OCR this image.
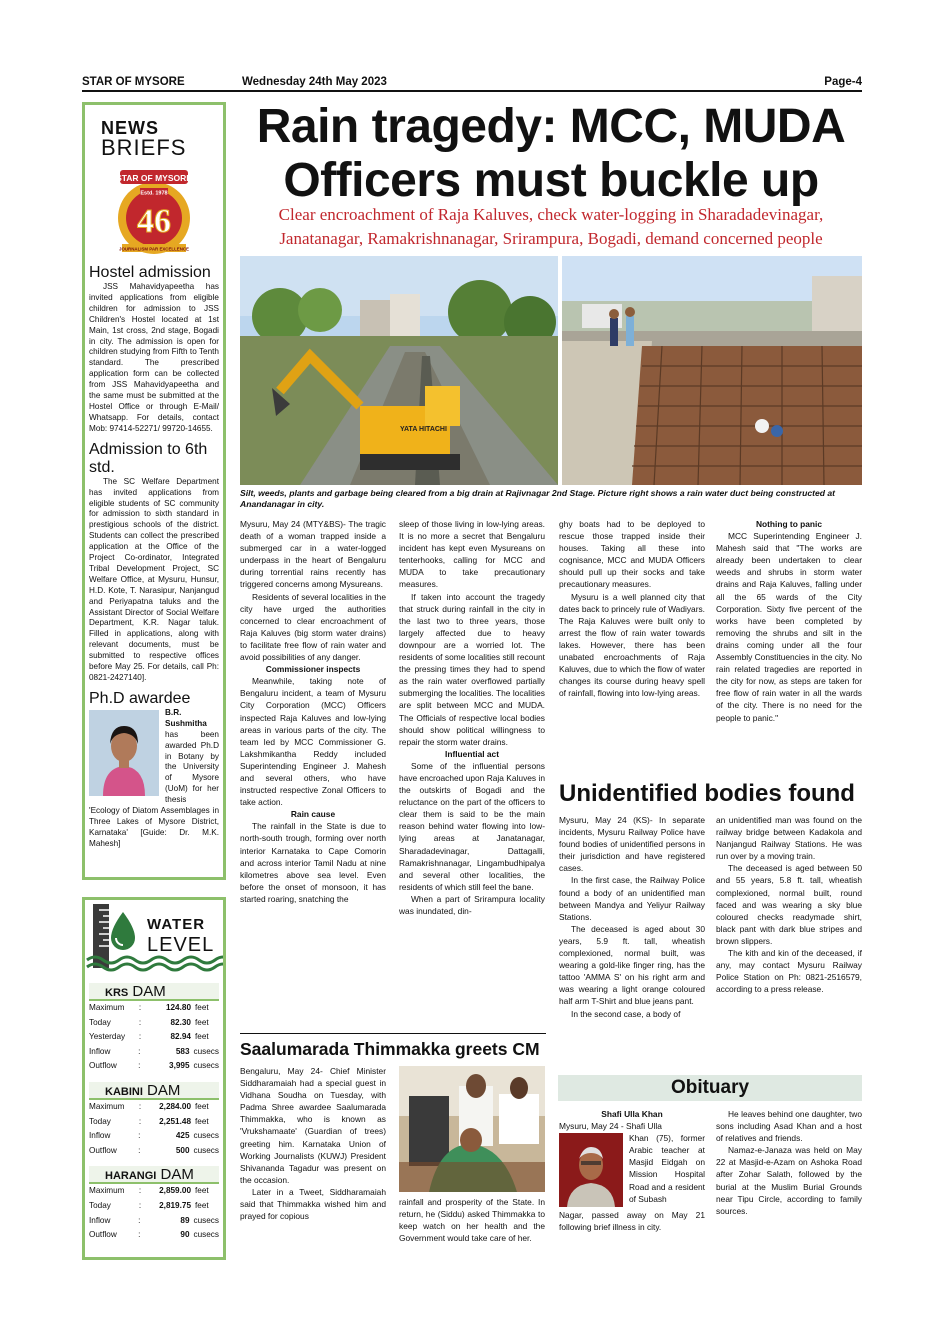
STAR OF MYSORE	Wednesday 24th May 2023	Page-4
NEWS
BRIEFS
STAR OF MYSORE
Estd. 1978
46
JOURNALISM PAR EXCELLENCE
Hostel admission
JSS Mahavidyapeetha has invited applications from eligible children for admission to JSS Children's Hostel located at 1st Main, 1st cross, 2nd stage, Bogadi in city. The admission is open for children studying from Fifth to Tenth standard. The prescribed application form can be collected from JSS Mahavidyapeetha and the same must be submitted at the Hostel Office or through E-Mail/ Whatsapp. For details, contact Mob: 97414-52271/ 99720-14655.
Admission to 6th std.
The SC Welfare Department has invited applications from eligible students of SC community for admission to sixth standard in prestigious schools of the district. Students can collect the prescribed application at the Office of the Project Co-ordinator, Integrated Tribal Development Project, SC Welfare Office, at Mysuru, Hunsur, H.D. Kote, T. Narasipur, Nanjangud and Periyapatna taluks and the Assistant Director of Social Welfare Department, K.R. Nagar taluk. Filled in applications, along with relevant documents, must be submitted to respective offices before May 25. For details, call Ph: 0821-2427140].
Ph.D awardee
B.R. Sushmitha has been awarded Ph.D in Botany by the University of Mysore (UoM) for her thesis 'Ecology of Diatom Assemblages in Three Lakes of Mysore District, Karnataka' [Guide: Dr. M.K. Mahesh]
WATER
LEVEL
KRS DAM
Maximum	:	124.80 feet
Today	:	82.30 feet
Yesterday	:	82.94 feet
Inflow	:	583 cusecs
Outflow	:	3,995 cusecs
KABINI DAM
Maximum	:	2,284.00 feet
Today	:	2,251.48 feet
Inflow	:	425 cusecs
Outflow	:	500 cusecs
HARANGI DAM
Maximum	:	2,859.00 feet
Today	:	2,819.75 feet
Inflow	:	89 cusecs
Outflow	:	90 cusecs
Rain tragedy: MCC, MUDA
Officers must buckle up
Clear encroachment of Raja Kaluves, check water-logging in Sharadadevinagar, Janatanagar, Ramakrishnanagar, Srirampura, Bogadi, demand concerned people
YATA HITACHI
Silt, weeds, plants and garbage being cleared from a big drain at Rajivnagar 2nd Stage. Picture right shows a rain water duct being constructed at Anandanagar in city.

Mysuru, May 24 (MTY&BS)- The tragic death of a woman trapped inside a submerged car in a water-logged underpass in the heart of Bengaluru during torrential rains recently has triggered concerns among Mysureans.

Residents of several localities in the city have urged the authorities concerned to clear encroachment of Raja Kaluves (big storm water drains) to facilitate free flow of rain water and avoid possibilities of any danger.

Commissioner inspects

Meanwhile, taking note of Bengaluru incident, a team of Mysuru City Corporation (MCC) Officers inspected Raja Kaluves and low-lying areas in various parts of the city. The team led by MCC Commissioner G. Lakshmikantha Reddy included Superintending Engineer J. Mahesh and several others, who have instructed respective Zonal Officers to take action.

Rain cause

The rainfall in the State is due to north-south trough, forming over north interior Karnataka to Cape Comorin and across interior Tamil Nadu at nine kilometres above sea level. Even before the onset of monsoon, it has started roaring, snatching the

sleep of those living in low-lying areas. It is no more a secret that Bengaluru incident has kept even Mysureans on tenterhooks, calling for MCC and MUDA to take precautionary measures.

If taken into account the tragedy that struck during rainfall in the city in the last two to three years, those largely affected due to heavy downpour are a worried lot. The residents of some localities still recount the pressing times they had to spend as the rain water overflowed partially submerging the localities. The localities are split between MCC and MUDA. The Officials of respective local bodies should show political willingness to repair the storm water drains.

Influential act

Some of the influential persons have encroached upon Raja Kaluves in the outskirts of Bogadi and the reluctance on the part of the officers to clear them is said to be the main reason behind water flowing into low-lying areas at Janatanagar, Sharadadevinagar, Dattagalli, Ramakrishnanagar, Lingambudhipalya and several other localities, the residents of which still feel the bane.

When a part of Srirampura locality was inundated, din-

ghy boats had to be deployed to rescue those trapped inside their houses. Taking all these into cognisance, MCC and MUDA Officers should pull up their socks and take precautionary measures.

Mysuru is a well planned city that dates back to princely rule of Wadiyars. The Raja Kaluves were built only to arrest the flow of rain water towards lakes. However, there has been unabated encroachments of Raja Kaluves, due to which the flow of water changes its course during heavy spell of rainfall, flowing into low-lying areas.

Nothing to panic

MCC Superintending Engineer J. Mahesh said that "The works are already been undertaken to clear weeds and shrubs in storm water drains and Raja Kaluves, falling under all the 65 wards of the City Corporation. Sixty five percent of the works have been completed by removing the shrubs and silt in the drains coming under all the four Assembly Constituencies in the city. No rain related tragedies are reported in the city for now, as steps are taken for free flow of rain water in all the wards of the city. There is no need for the people to panic."

Unidentified bodies found

Mysuru, May 24 (KS)- In separate incidents, Mysuru Railway Police have found bodies of unidentified persons in their jurisdiction and have registered cases.

In the first case, the Railway Police found a body of an unidentified man between Mandya and Yeliyur Railway Stations.

The deceased is aged about 30 years, 5.9 ft. tall, wheatish complexioned, normal built, was wearing a gold-like finger ring, has the tattoo 'AMMA S' on his right arm and was wearing a light orange coloured half arm T-Shirt and blue jeans pant.

In the second case, a body of

an unidentified man was found on the railway bridge between Kadakola and Nanjangud Railway Stations. He was run over by a moving train.

The deceased is aged between 50 and 55 years, 5.8 ft. tall, wheatish complexioned, normal built, round faced and was wearing a sky blue coloured checks readymade shirt, black pant with dark blue stripes and brown slippers.

The kith and kin of the deceased, if any, may contact Mysuru Railway Police Station on Ph: 0821-2516579, according to a press release.

Saalumarada Thimmakka greets CM

Bengaluru, May 24- Chief Minister Siddharamaiah had a special guest in Vidhana Soudha on Tuesday, with Padma Shree awardee Saalumarada Thimmakka, who is known as 'Vrukshamaate' (Guardian of trees) greeting him. Karnataka Union of Working Journalists (KUWJ) President Shivananda Tagadur was present on the occasion.

Later in a Tweet, Siddharamaiah said that Thimmakka wished him and prayed for copious

rainfall and prosperity of the State. In return, he (Siddu) asked Thimmakka to keep watch on her health and the Government would take care of her.

Obituary

Shafi Ulla Khan

Mysuru, May 24 - Shafi Ulla

Khan (75), former Arabic teacher at Masjid Eidgah on Mission Hospital Road and a resident of Subash

Nagar, passed away on May 21 following brief illness in city.

He leaves behind one daughter, two sons including Asad Khan and a host of relatives and friends.

Namaz-e-Janaza was held on May 22 at Masjid-e-Azam on Ashoka Road after Zohar Salath, followed by the burial at the Muslim Burial Grounds near Tipu Circle, according to family sources.
